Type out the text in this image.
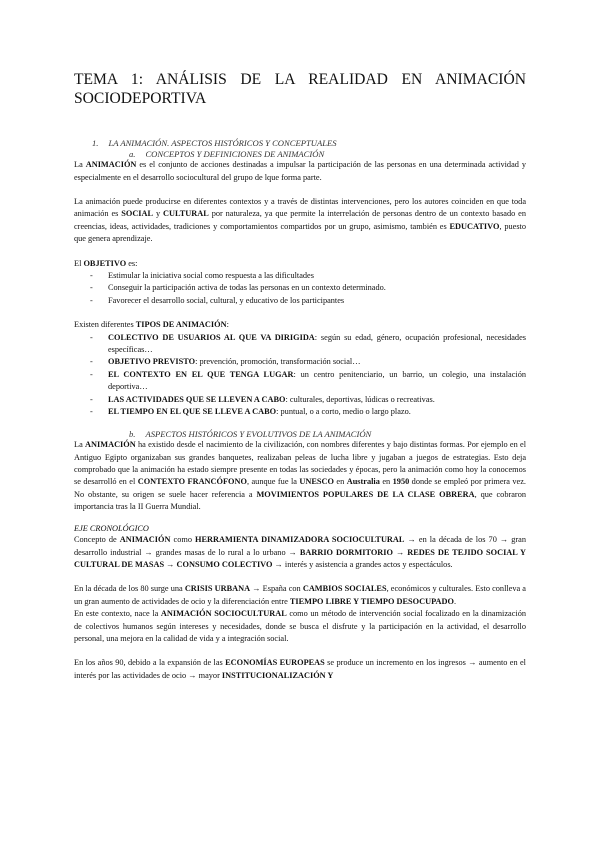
TEMA 1: ANÁLISIS DE LA REALIDAD EN ANIMACIÓN SOCIODEPORTIVA
1. LA ANIMACIÓN. ASPECTOS HISTÓRICOS Y CONCEPTUALES
a. CONCEPTOS Y DEFINICIONES DE ANIMACIÓN

La ANIMACIÓN es el conjunto de acciones destinadas a impulsar la participación de las personas en una determinada actividad y especialmente en el desarrollo sociocultural del grupo de lque forma parte.

La animación puede producirse en diferentes contextos y a través de distintas intervenciones, pero los autores coinciden en que toda animación es SOCIAL y CULTURAL por naturaleza, ya que permite la interrelación de personas dentro de un contexto basado en creencias, ideas, actividades, tradiciones y comportamientos compartidos por un grupo, asimismo, también es EDUCATIVO, puesto que genera aprendizaje.

El OBJETIVO es:

- Estimular la iniciativa social como respuesta a las dificultades
- Conseguir la participación activa de todas las personas en un contexto determinado.
- Favorecer el desarrollo social, cultural, y educativo de los participantes

Existen diferentes TIPOS DE ANIMACIÓN:

- COLECTIVO DE USUARIOS AL QUE VA DIRIGIDA: según su edad, género, ocupación profesional, necesidades específicas…
- OBJETIVO PREVISTO: prevención, promoción, transformación social…
- EL CONTEXTO EN EL QUE TENGA LUGAR: un centro penitenciario, un barrio, un colegio, una instalación deportiva…
- LAS ACTIVIDADES QUE SE LLEVEN A CABO: culturales, deportivas, lúdicas o recreativas.
- EL TIEMPO EN EL QUE SE LLEVE A CABO: puntual, o a corto, medio o largo plazo.
b. ASPECTOS HISTÓRICOS Y EVOLUTIVOS DE LA ANIMACIÓN

La ANIMACIÓN ha existido desde el nacimiento de la civilización, con nombres diferentes y bajo distintas formas. Por ejemplo en el Antiguo Egipto organizaban sus grandes banquetes, realizaban peleas de lucha libre y jugaban a juegos de estrategias. Esto deja comprobado que la animación ha estado siempre presente en todas las sociedades y épocas, pero la animación como hoy la conocemos se desarrolló en el CONTEXTO FRANCÓFONO, aunque fue la UNESCO en Australia en 1950 donde se empleó por primera vez. No obstante, su origen se suele hacer referencia a MOVIMIENTOS POPULARES DE LA CLASE OBRERA, que cobraron importancia tras la II Guerra Mundial.

EJE CRONOLÓGICO

Concepto de ANIMACIÓN como HERRAMIENTA DINAMIZADORA SOCIOCULTURAL → en la década de los 70 → gran desarrollo industrial → grandes masas de lo rural a lo urbano → BARRIO DORMITORIO → REDES DE TEJIDO SOCIAL Y CULTURAL DE MASAS → CONSUMO COLECTIVO → interés y asistencia a grandes actos y espectáculos.

En la década de los 80 surge una CRISIS URBANA → España con CAMBIOS SOCIALES, económicos y culturales. Esto conlleva a un gran aumento de actividades de ocio y la diferenciación entre TIEMPO LIBRE Y TIEMPO DESOCUPADO.

En este contexto, nace la ANIMACIÓN SOCIOCULTURAL como un método de intervención social focalizado en la dinamización de colectivos humanos según intereses y necesidades, donde se busca el disfrute y la participación en la actividad, el desarrollo personal, una mejora en la calidad de vida y a integración social.

En los años 90, debido a la expansión de las ECONOMÍAS EUROPEAS se produce un incremento en los ingresos → aumento en el interés por las actividades de ocio → mayor INSTITUCIONALIZACIÓN Y
